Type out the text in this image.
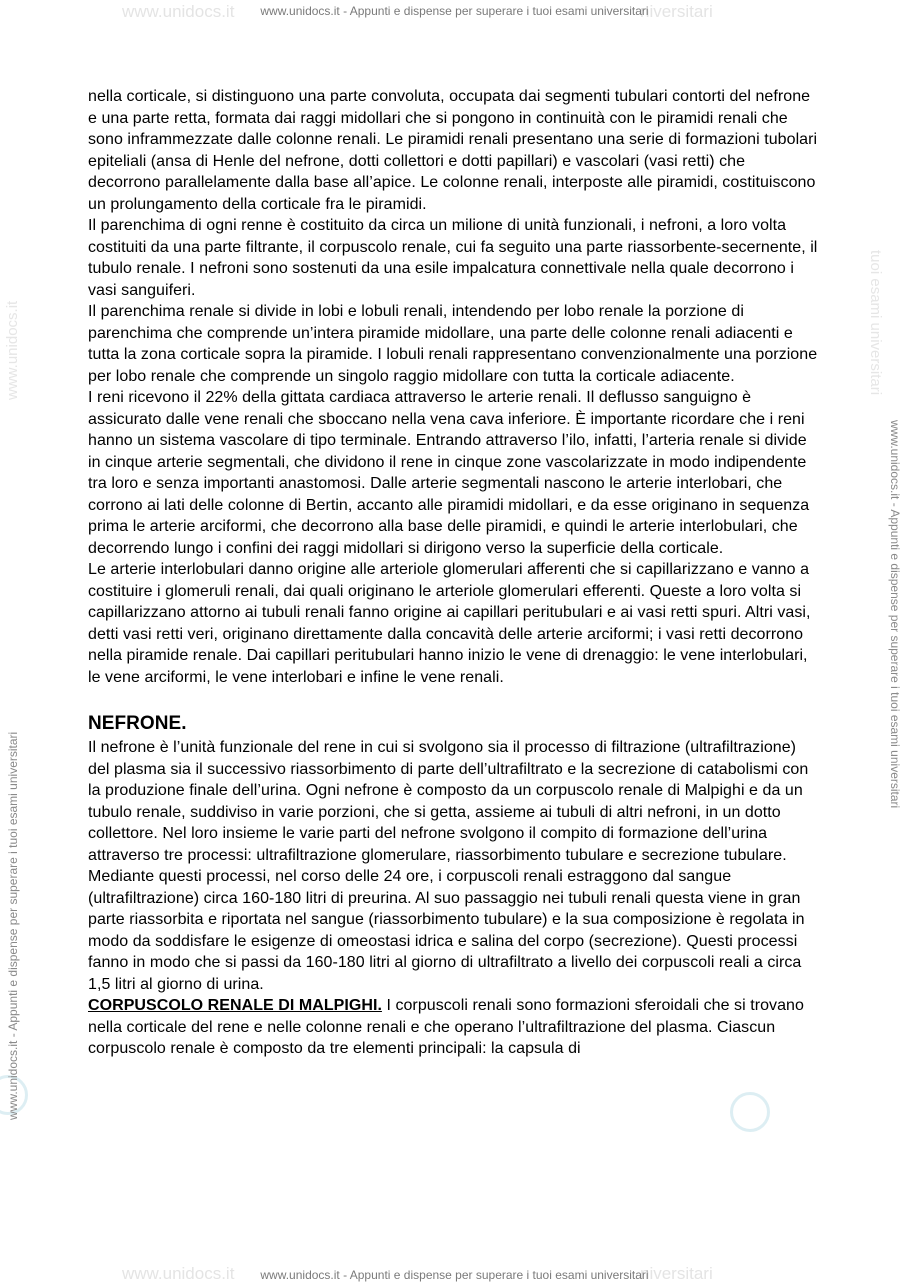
www.unidocs.it	niversitari
www.unidocs.it	niversitari
www.unidocs.it	tuoi esami universitari
www.unidocs.it - Appunti e dispense per superare i tuoi esami universitari
www.unidocs.it - Appunti e dispense per superare i tuoi esami universitari
www.unidocs.it - Appunti e dispense per superare i tuoi esami universitari
www.unidocs.it - Appunti e dispense per superare i tuoi esami universitari

nella corticale, si distinguono una parte convoluta, occupata dai segmenti tubulari contorti del nefrone e una parte retta, formata dai raggi midollari che si pongono in continuità con le piramidi renali che sono inframmezzate dalle colonne renali. Le piramidi renali presentano una serie di formazioni tubolari epiteliali (ansa di Henle del nefrone, dotti collettori e dotti papillari) e vascolari (vasi retti) che decorrono parallelamente dalla base all’apice. Le colonne renali, interposte alle piramidi, costituiscono un prolungamento della corticale fra le piramidi.

Il parenchima di ogni renne è costituito da circa un milione di unità funzionali, i nefroni, a loro volta costituiti da una parte filtrante, il corpuscolo renale, cui fa seguito una parte riassorbente-secernente, il tubulo renale. I nefroni sono sostenuti da una esile impalcatura connettivale nella quale decorrono i vasi sanguiferi.

Il parenchima renale si divide in lobi e lobuli renali, intendendo per lobo renale la porzione di parenchima che comprende un’intera piramide midollare, una parte delle colonne renali adiacenti e tutta la zona corticale sopra la piramide. I lobuli renali rappresentano convenzionalmente una porzione per lobo renale che comprende un singolo raggio midollare con tutta la corticale adiacente.

I reni ricevono il 22% della gittata cardiaca attraverso le arterie renali. Il deflusso sanguigno è assicurato dalle vene renali che sboccano nella vena cava inferiore. È importante ricordare che i reni hanno un sistema vascolare di tipo terminale. Entrando attraverso l’ilo, infatti, l’arteria renale si divide in cinque arterie segmentali, che dividono il rene in cinque zone vascolarizzate in modo indipendente tra loro e senza importanti anastomosi. Dalle arterie segmentali nascono le arterie interlobari, che corrono ai lati delle colonne di Bertin, accanto alle piramidi midollari, e da esse originano in sequenza prima le arterie arciformi, che decorrono alla base delle piramidi, e quindi le arterie interlobulari, che decorrendo lungo i confini dei raggi midollari si dirigono verso la superficie della corticale.

Le arterie interlobulari danno origine alle arteriole glomerulari afferenti che si capillarizzano e vanno a costituire i glomeruli renali, dai quali originano le arteriole glomerulari efferenti. Queste a loro volta si capillarizzano attorno ai tubuli renali fanno origine ai capillari peritubulari e ai vasi retti spuri. Altri vasi, detti vasi retti veri, originano direttamente dalla concavità delle arterie arciformi; i vasi retti decorrono nella piramide renale. Dai capillari peritubulari hanno inizio le vene di drenaggio: le vene interlobulari, le vene arciformi, le vene interlobari e infine le vene renali.

NEFRONE.

Il nefrone è l’unità funzionale del rene in cui si svolgono sia il processo di filtrazione (ultrafiltrazione) del plasma sia il successivo riassorbimento di parte dell’ultrafiltrato e la secrezione di catabolismi con la produzione finale dell’urina. Ogni nefrone è composto da un corpuscolo renale di Malpighi e da un tubulo renale, suddiviso in varie porzioni, che si getta, assieme ai tubuli di altri nefroni, in un dotto collettore. Nel loro insieme le varie parti del nefrone svolgono il compito di formazione dell’urina attraverso tre processi: ultrafiltrazione glomerulare, riassorbimento tubulare e secrezione tubulare. Mediante questi processi, nel corso delle 24 ore, i corpuscoli renali estraggono dal sangue (ultrafiltrazione) circa 160-180 litri di preurina. Al suo passaggio nei tubuli renali questa viene in gran parte riassorbita e riportata nel sangue (riassorbimento tubulare) e la sua composizione è regolata in modo da soddisfare le esigenze di omeostasi idrica e salina del corpo (secrezione). Questi processi fanno in modo che si passi da 160-180 litri al giorno di ultrafiltrato a livello dei corpuscoli reali a circa 1,5 litri al giorno di urina.

CORPUSCOLO RENALE DI MALPIGHI. I corpuscoli renali sono formazioni sferoidali che si trovano nella corticale del rene e nelle colonne renali e che operano l’ultrafiltrazione del plasma. Ciascun corpuscolo renale è composto da tre elementi principali: la capsula di
